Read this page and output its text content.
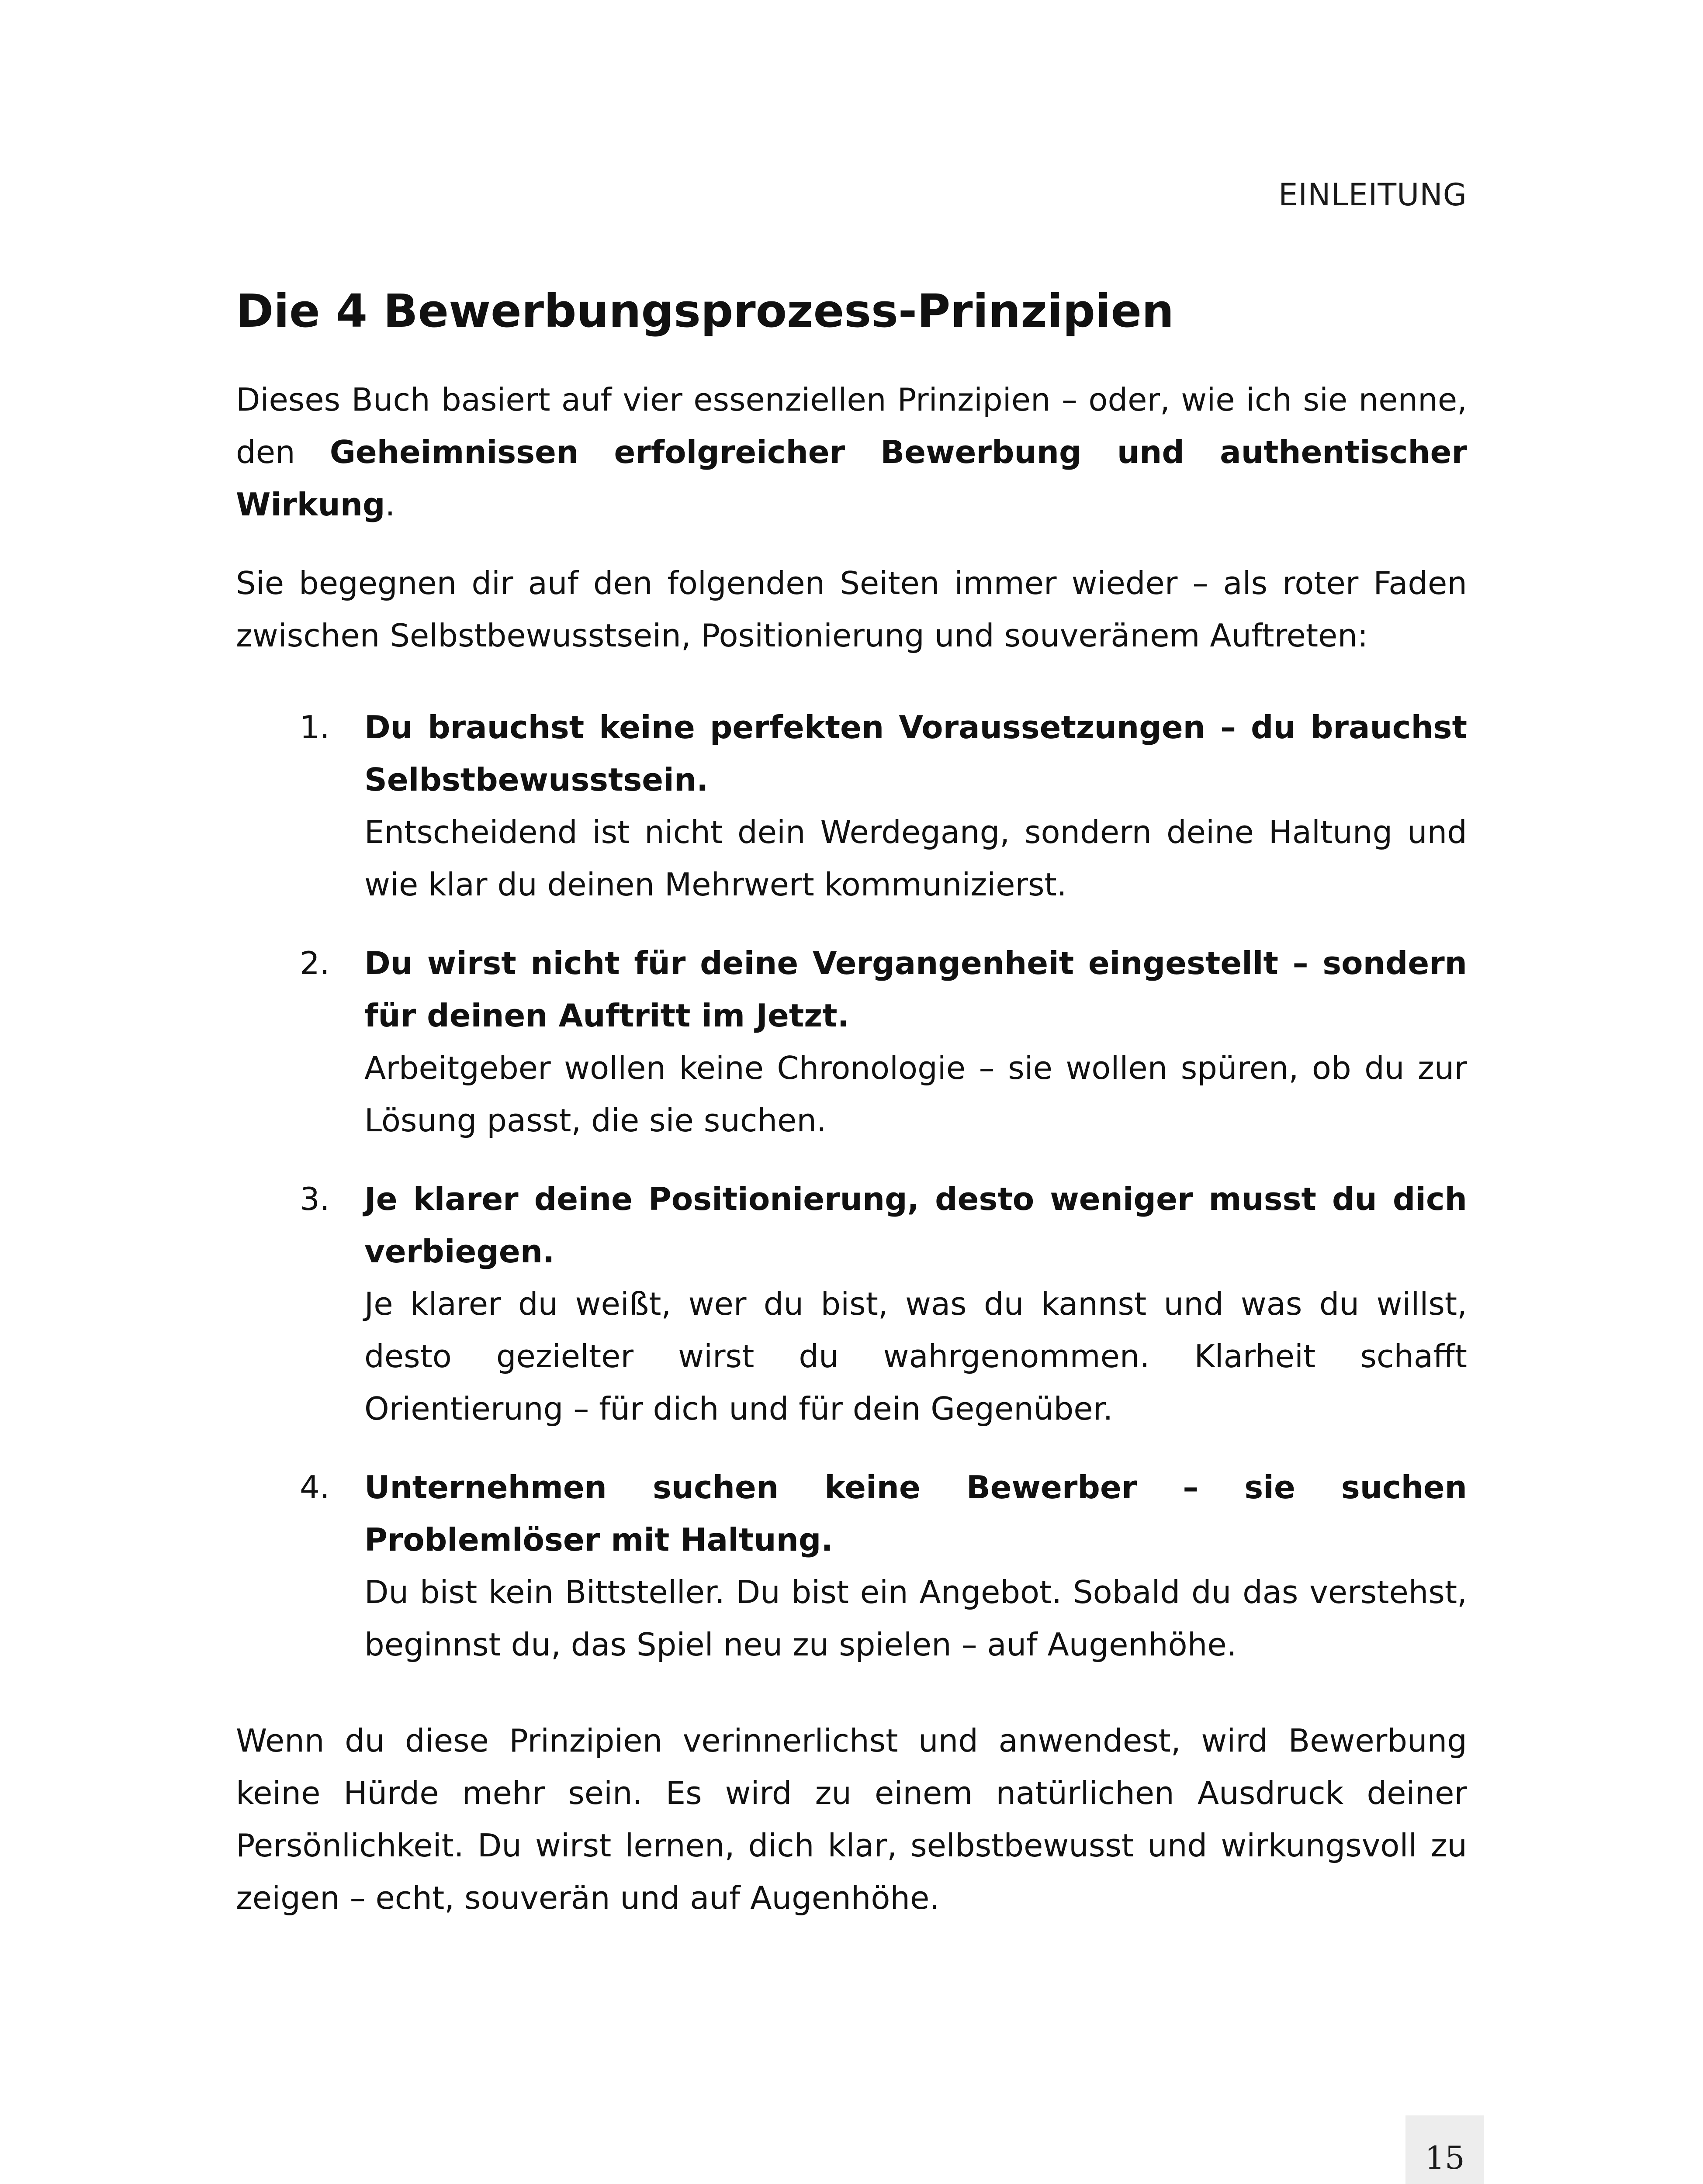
EINLEITUNG
Die 4 Bewerbungsprozess-Prinzipien

Dieses Buch basiert auf vier essenziellen Prinzipien – oder, wie ich sie nenne, den Geheimnissen erfolgreicher Bewerbung und authentischer Wirkung.

Sie begegnen dir auf den folgenden Seiten immer wieder – als roter Faden zwischen Selbstbewusstsein, Positionierung und souveränem Auftreten:

1. Du brauchst keine perfekten Voraussetzungen – du brauchst Selbstbewusstsein.

Entscheidend ist nicht dein Werdegang, sondern deine Haltung und wie klar du deinen Mehrwert kommunizierst.

2. Du wirst nicht für deine Vergangenheit eingestellt – sondern für deinen Auftritt im Jetzt.

Arbeitgeber wollen keine Chronologie – sie wollen spüren, ob du zur Lösung passt, die sie suchen.

3. Je klarer deine Positionierung, desto weniger musst du dich verbiegen.

Je klarer du weißt, wer du bist, was du kannst und was du willst, desto gezielter wirst du wahrgenommen. Klarheit schafft Orientierung – für dich und für dein Gegenüber.

4. Unternehmen suchen keine Bewerber – sie suchen Problemlöser mit Haltung.

Du bist kein Bittsteller. Du bist ein Angebot. Sobald du das verstehst, beginnst du, das Spiel neu zu spielen – auf Augenhöhe.

Wenn du diese Prinzipien verinnerlichst und anwendest, wird Bewerbung keine Hürde mehr sein. Es wird zu einem natürlichen Ausdruck deiner Persönlichkeit. Du wirst lernen, dich klar, selbstbewusst und wirkungsvoll zu zeigen – echt, souverän und auf Augenhöhe.

15
